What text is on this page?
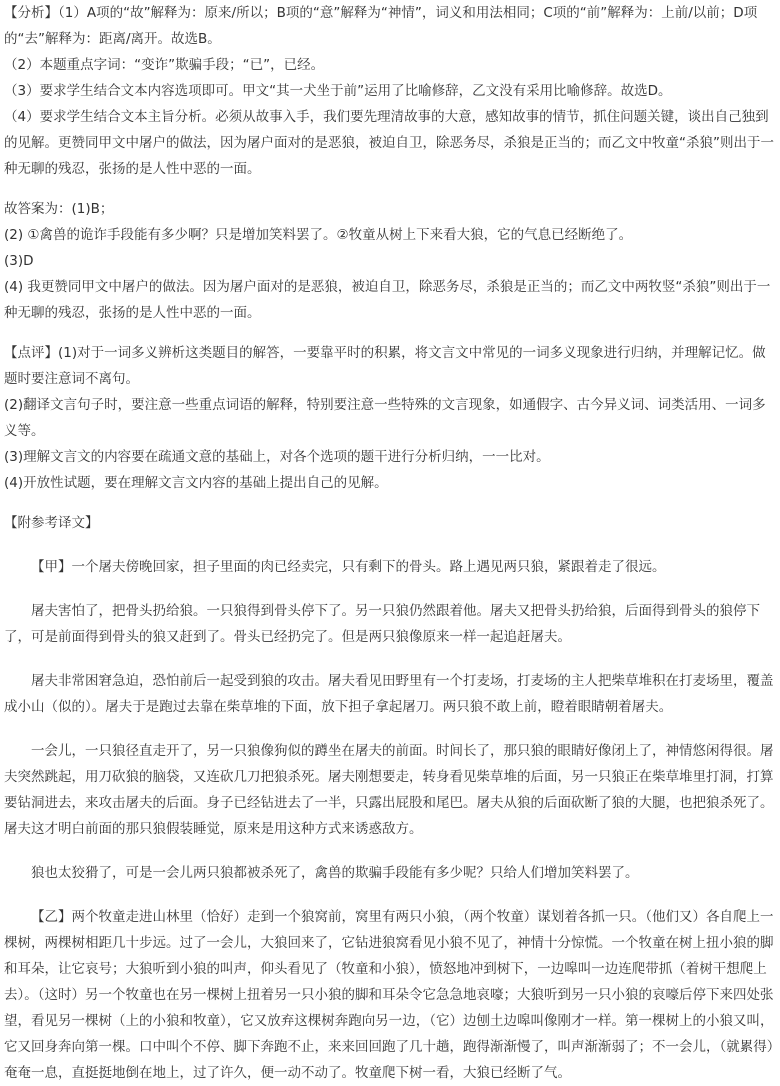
【分析】（1）A项的“故”解释为：原来/所以；B项的“意”解释为“神情”，词义和用法相同；C项的“前”解释为：上前/以前；D项的“去”解释为：距离/离开。故选B。

（2）本题重点字词：“变诈”欺骗手段；“已”，已经。

（3）要求学生结合文本内容选项即可。甲文“其一犬坐于前”运用了比喻修辞，乙文没有采用比喻修辞。故选D。

（4）要求学生结合文本主旨分析。必须从故事入手，我们要先理清故事的大意，感知故事的情节，抓住问题关键，谈出自己独到的见解。更赞同甲文中屠户的做法，因为屠户面对的是恶狼，被迫自卫，除恶务尽，杀狼是正当的；而乙文中牧童“杀狼”则出于一种无聊的残忍，张扬的是人性中恶的一面。

故答案为：(1)B；

(2) ①禽兽的诡诈手段能有多少啊？只是增加笑料罢了。②牧童从树上下来看大狼，它的气息已经断绝了。

(3)D

(4) 我更赞同甲文中屠户的做法。因为屠户面对的是恶狼，被迫自卫，除恶务尽，杀狼是正当的；而乙文中两牧竖“杀狼”则出于一种无聊的残忍，张扬的是人性中恶的一面。

【点评】(1)对于一词多义辨析这类题目的解答，一要靠平时的积累，将文言文中常见的一词多义现象进行归纳，并理解记忆。做题时要注意词不离句。

(2)翻译文言句子时，要注意一些重点词语的解释，特别要注意一些特殊的文言现象，如通假字、古今异义词、词类活用、一词多义等。

(3)理解文言文的内容要在疏通文意的基础上，对各个选项的题干进行分析归纳，一一比对。

(4)开放性试题，要在理解文言文内容的基础上提出自己的见解。

【附参考译文】

【甲】一个屠夫傍晚回家，担子里面的肉已经卖完，只有剩下的骨头。路上遇见两只狼，紧跟着走了很远。

屠夫害怕了，把骨头扔给狼。一只狼得到骨头停下了。另一只狼仍然跟着他。屠夫又把骨头扔给狼，后面得到骨头的狼停下了，可是前面得到骨头的狼又赶到了。骨头已经扔完了。但是两只狼像原来一样一起追赶屠夫。

屠夫非常困窘急迫，恐怕前后一起受到狼的攻击。屠夫看见田野里有一个打麦场，打麦场的主人把柴草堆积在打麦场里，覆盖成小山（似的）。屠夫于是跑过去靠在柴草堆的下面，放下担子拿起屠刀。两只狼不敢上前，瞪着眼睛朝着屠夫。

一会儿，一只狼径直走开了，另一只狼像狗似的蹲坐在屠夫的前面。时间长了，那只狼的眼睛好像闭上了，神情悠闲得很。屠夫突然跳起，用刀砍狼的脑袋，又连砍几刀把狼杀死。屠夫刚想要走，转身看见柴草堆的后面，另一只狼正在柴草堆里打洞，打算要钻洞进去，来攻击屠夫的后面。身子已经钻进去了一半，只露出屁股和尾巴。屠夫从狼的后面砍断了狼的大腿，也把狼杀死了。屠夫这才明白前面的那只狼假装睡觉，原来是用这种方式来诱惑敌方。

狼也太狡猾了，可是一会儿两只狼都被杀死了，禽兽的欺骗手段能有多少呢？只给人们增加笑料罢了。

【乙】两个牧童走进山林里（恰好）走到一个狼窝前，窝里有两只小狼，（两个牧童）谋划着各抓一只。（他们又）各自爬上一棵树，两棵树相距几十步远。过了一会儿，大狼回来了，它钻进狼窝看见小狼不见了，神情十分惊慌。一个牧童在树上扭小狼的脚和耳朵，让它哀号；大狼听到小狼的叫声，仰头看见了（牧童和小狼），愤怒地冲到树下，一边嗥叫一边连爬带抓（着树干想爬上去）。（这时）另一个牧童也在另一棵树上扭着另一只小狼的脚和耳朵令它急急地哀嚎；大狼听到另一只小狼的哀嚎后停下来四处张望，看见另一棵树（上的小狼和牧童），它又放弃这棵树奔跑向另一边，（它）边刨土边嗥叫像刚才一样。第一棵树上的小狼又叫，它又回身奔向第一棵。口中叫个不停、脚下奔跑不止，来来回回跑了几十趟，跑得渐渐慢了，叫声渐渐弱了；不一会儿，（就累得）奄奄一息，直挺挺地倒在地上，过了许久，便一动不动了。牧童爬下树一看，大狼已经断了气。
